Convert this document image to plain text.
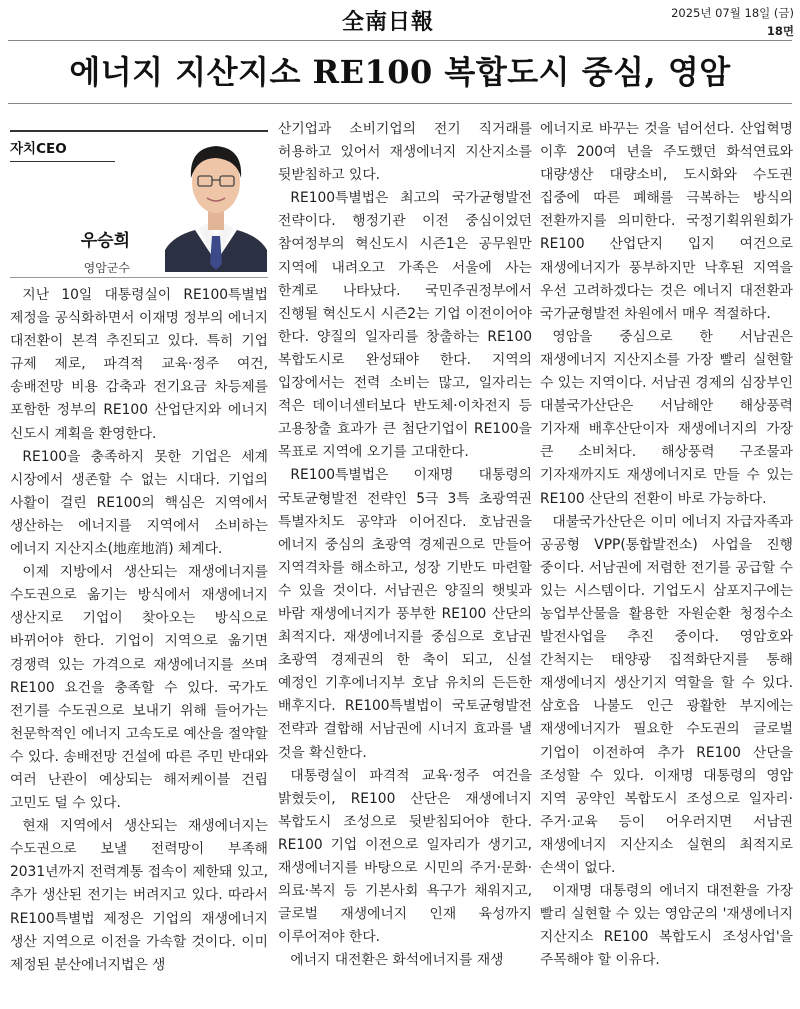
全南日報	2025년 07월 18일 (금)
18면
에너지 지산지소 RE100 복합도시 중심, 영암
자치CEO
우승희
영암군수

지난 10일 대통령실이 RE100특별법 제정을 공식화하면서 이재명 정부의 에너지 대전환이 본격 추진되고 있다. 특히 기업 규제 제로, 파격적 교육·정주 여건, 송배전망 비용 감축과 전기요금 차등제를 포함한 정부의 RE100 산업단지와 에너지 신도시 계획을 환영한다.

RE100을 충족하지 못한 기업은 세계 시장에서 생존할 수 없는 시대다. 기업의 사활이 걸린 RE100의 핵심은 지역에서 생산하는 에너지를 지역에서 소비하는 에너지 지산지소(地産地消) 체계다.

이제 지방에서 생산되는 재생에너지를 수도권으로 옮기는 방식에서 재생에너지 생산지로 기업이 찾아오는 방식으로 바뀌어야 한다. 기업이 지역으로 옮기면 경쟁력 있는 가격으로 재생에너지를 쓰며 RE100 요건을 충족할 수 있다. 국가도 전기를 수도권으로 보내기 위해 들어가는 천문학적인 에너지 고속도로 예산을 절약할 수 있다. 송배전망 건설에 따른 주민 반대와 여러 난관이 예상되는 해저케이블 건립 고민도 덜 수 있다.

현재 지역에서 생산되는 재생에너지는 수도권으로 보낼 전력망이 부족해 2031년까지 전력계통 접속이 제한돼 있고, 추가 생산된 전기는 버려지고 있다. 따라서 RE100특별법 제정은 기업의 재생에너지 생산 지역으로 이전을 가속할 것이다. 이미 제정된 분산에너지법은 생

산기업과 소비기업의 전기 직거래를 허용하고 있어서 재생에너지 지산지소를 뒷받침하고 있다.

RE100특별법은 최고의 국가균형발전 전략이다. 행정기관 이전 중심이었던 참여정부의 혁신도시 시즌1은 공무원만 지역에 내려오고 가족은 서울에 사는 한계로 나타났다. 국민주권정부에서 진행될 혁신도시 시즌2는 기업 이전이어야 한다. 양질의 일자리를 창출하는 RE100 복합도시로 완성돼야 한다. 지역의 입장에서는 전력 소비는 많고, 일자리는 적은 데이너센터보다 반도체·이차전지 등 고용창출 효과가 큰 첨단기업이 RE100을 목표로 지역에 오기를 고대한다.

RE100특별법은 이재명 대통령의 국토균형발전 전략인 5극 3특 초광역권 특별자치도 공약과 이어진다. 호남권을 에너지 중심의 초광역 경제권으로 만들어 지역격차를 해소하고, 성장 기반도 마련할 수 있을 것이다. 서남권은 양질의 햇빛과 바람 재생에너지가 풍부한 RE100 산단의 최적지다. 재생에너지를 중심으로 호남권 초광역 경제권의 한 축이 되고, 신설 예정인 기후에너지부 호남 유치의 든든한 배후지다. RE100특별법이 국토균형발전 전략과 결합해 서남권에 시너지 효과를 낼 것을 확신한다.

대통령실이 파격적 교육·정주 여건을 밝혔듯이, RE100 산단은 재생에너지 복합도시 조성으로 뒷받침되어야 한다. RE100 기업 이전으로 일자리가 생기고, 재생에너지를 바탕으로 시민의 주거·문화·의료·복지 등 기본사회 욕구가 채워지고, 글로벌 재생에너지 인재 육성까지 이루어져야 한다.

에너지 대전환은 화석에너지를 재생

에너지로 바꾸는 것을 넘어선다. 산업혁명 이후 200여 년을 주도했던 화석연료와 대량생산 대량소비, 도시화와 수도권 집중에 따른 폐해를 극복하는 방식의 전환까지를 의미한다. 국정기획위원회가 RE100 산업단지 입지 여건으로 재생에너지가 풍부하지만 낙후된 지역을 우선 고려하겠다는 것은 에너지 대전환과 국가균형발전 차원에서 매우 적절하다.

영암을 중심으로 한 서남권은 재생에너지 지산지소를 가장 빨리 실현할 수 있는 지역이다. 서남권 경제의 심장부인 대불국가산단은 서남해안 해상풍력 기자재 배후산단이자 재생에너지의 가장 큰 소비처다. 해상풍력 구조물과 기자재까지도 재생에너지로 만들 수 있는 RE100 산단의 전환이 바로 가능하다.

대불국가산단은 이미 에너지 자급자족과 공공형 VPP(통합발전소) 사업을 진행 중이다. 서남권에 저렴한 전기를 공급할 수 있는 시스템이다. 기업도시 삼포지구에는 농업부산물을 활용한 자원순환 청정수소 발전사업을 추진 중이다. 영암호와 간척지는 태양광 집적화단지를 통해 재생에너지 생산기지 역할을 할 수 있다. 삼호읍 나불도 인근 광활한 부지에는 재생에너지가 필요한 수도권의 글로벌 기업이 이전하여 추가 RE100 산단을 조성할 수 있다. 이재명 대통령의 영암 지역 공약인 복합도시 조성으로 일자리·주거·교육 등이 어우러지면 서남권 재생에너지 지산지소 실현의 최적지로 손색이 없다.

이재명 대통령의 에너지 대전환을 가장 빨리 실현할 수 있는 영암군의 '재생에너지 지산지소 RE100 복합도시 조성사업'을 주목해야 할 이유다.
